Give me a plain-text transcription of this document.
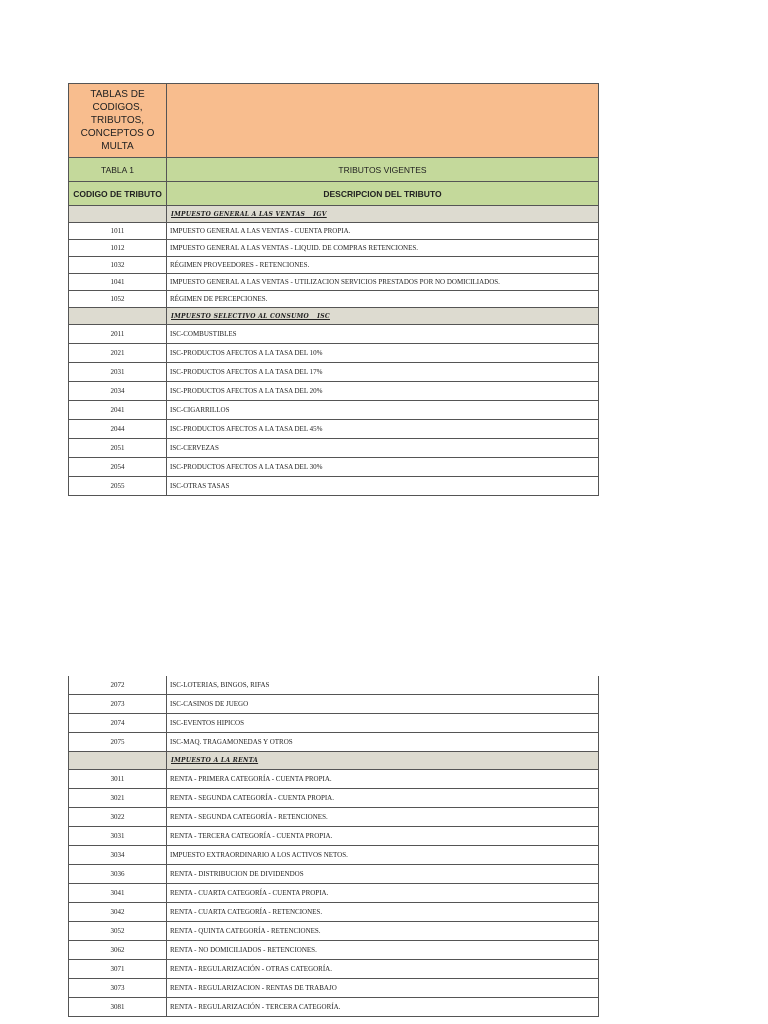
TABLAS DE CODIGOS, TRIBUTOS, CONCEPTOS O MULTA	
TABLA 1	TRIBUTOS VIGENTES
CODIGO DE TRIBUTO	DESCRIPCION DEL TRIBUTO
	IMPUESTO GENERAL A LAS VENTAS _ IGV
1011	IMPUESTO GENERAL A LAS VENTAS - CUENTA PROPIA.
1012	IMPUESTO GENERAL A LAS VENTAS - LIQUID. DE COMPRAS RETENCIONES.
1032	RÉGIMEN PROVEEDORES - RETENCIONES.
1041	IMPUESTO GENERAL A LAS VENTAS - UTILIZACION SERVICIOS PRESTADOS POR NO DOMICILIADOS.
1052	RÉGIMEN DE PERCEPCIONES.
	IMPUESTO SELECTIVO AL CONSUMO _ ISC
2011	ISC-COMBUSTIBLES
2021	ISC-PRODUCTOS AFECTOS A LA TASA DEL 10%
2031	ISC-PRODUCTOS AFECTOS A LA TASA DEL 17%
2034	ISC-PRODUCTOS AFECTOS A LA TASA DEL 20%
2041	ISC-CIGARRILLOS
2044	ISC-PRODUCTOS AFECTOS A LA TASA DEL 45%
2051	ISC-CERVEZAS
2054	ISC-PRODUCTOS AFECTOS A LA TASA DEL 30%
2055	ISC-OTRAS TASAS
2072	ISC-LOTERIAS, BINGOS, RIFAS
2073	ISC-CASINOS DE JUEGO
2074	ISC-EVENTOS HIPICOS
2075	ISC-MAQ. TRAGAMONEDAS Y OTROS
	IMPUESTO A LA RENTA
3011	RENTA - PRIMERA CATEGORÍA - CUENTA PROPIA.
3021	RENTA - SEGUNDA CATEGORÍA - CUENTA PROPIA.
3022	RENTA - SEGUNDA CATEGORÍA - RETENCIONES.
3031	RENTA - TERCERA CATEGORÍA - CUENTA PROPIA.
3034	IMPUESTO EXTRAORDINARIO A LOS ACTIVOS NETOS.
3036	RENTA - DISTRIBUCION DE DIVIDENDOS
3041	RENTA - CUARTA CATEGORÍA - CUENTA PROPIA.
3042	RENTA - CUARTA CATEGORÍA - RETENCIONES.
3052	RENTA - QUINTA CATEGORÍA - RETENCIONES.
3062	RENTA - NO DOMICILIADOS - RETENCIONES.
3071	RENTA - REGULARIZACIÓN - OTRAS CATEGORÍA.
3073	RENTA - REGULARIZACION - RENTAS DE TRABAJO
3081	RENTA - REGULARIZACIÓN - TERCERA CATEGORÍA.
